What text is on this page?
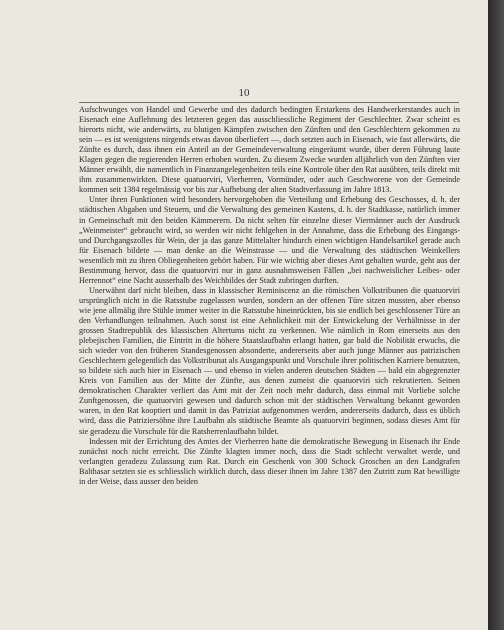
10

Aufschwunges von Handel und Gewerbe und des dadurch bedingten Erstarkens des Handwerkerstandes auch in Eisenach eine Auflehnung des letzteren gegen das ausschliessliche Regiment der Geschlechter. Zwar scheint es hierorts nicht, wie anderwärts, zu blutigen Kämpfen zwischen den Zünften und den Geschlechtern gekommen zu sein — es ist wenigstens nirgends etwas davon überliefert —, doch setzten auch in Eisenach, wie fast allerwärts, die Zünfte es durch, dass ihnen ein Anteil an der Gemeindeverwaltung eingeräumt wurde, über deren Führung laute Klagen gegen die regierenden Herren erhoben wurden. Zu diesem Zwecke wurden alljährlich von den Zünften vier Männer erwählt, die namentlich in Finanzangelegenheiten teils eine Kontrole über den Rat ausübten, teils direkt mit ihm zusammenwirkten. Diese quatuorviri, Vierherren, Vormünder, oder auch Geschworene von der Gemeinde kommen seit 1384 regelmässig vor bis zur Aufhebung der alten Stadtverfassung im Jahre 1813.

Unter ihren Funktionen wird besonders hervorgehoben die Verteilung und Erhebung des Geschosses, d. h. der städtischen Abgaben und Steuern, und die Verwaltung des gemeinen Kastens, d. h. der Stadtkasse, natürlich immer in Gemeinschaft mit den beiden Kämmerern. Da nicht selten für einzelne dieser Viermänner auch der Ausdruck „Weinmeister“ gebraucht wird, so werden wir nicht fehlgehen in der Annahme, dass die Erhebung des Eingangs- und Durchgangszolles für Wein, der ja das ganze Mittelalter hindurch einen wichtigen Handelsartikel gerade auch für Eisenach bildete — man denke an die Weinstrasse — und die Verwaltung des städtischen Weinkellers wesentlich mit zu ihren Obliegenheiten gehört haben. Für wie wichtig aber dieses Amt gehalten wurde, geht aus der Bestimmung hervor, dass die quatuorviri nur in ganz ausnahmsweisen Fällen „bei nachweislicher Leibes- oder Herrennot“ eine Nacht ausserhalb des Weichbildes der Stadt zubringen durften.

Unerwähnt darf nicht bleiben, dass in klassischer Reminiscenz an die römischen Volkstribunen die quatuorviri ursprünglich nicht in die Ratsstube zugelassen wurden, sondern an der offenen Türe sitzen mussten, aber ebenso wie jene allmälig ihre Stühle immer weiter in die Ratsstube hineinrückten, bis sie endlich bei geschlossener Türe an den Verhandlungen teilnahmen. Auch sonst ist eine Aehnlichkeit mit der Entwickelung der Verhältnisse in der grossen Stadtrepublik des klassischen Altertums nicht zu verkennen. Wie nämlich in Rom einerseits aus den plebejischen Familien, die Eintritt in die höhere Staatslaufbahn erlangt hatten, gar bald die Nobilität erwuchs, die sich wieder von den früheren Standesgenossen absonderte, andererseits aber auch junge Männer aus patrizischen Geschlechtern gelegentlich das Volkstribunat als Ausgangspunkt und Vorschule ihrer politischen Karriere benutzten, so bildete sich auch hier in Eisenach — und ebenso in vielen anderen deutschen Städten — bald ein abgegrenzter Kreis von Familien aus der Mitte der Zünfte, aus denen zumeist die quatuorviri sich rekrutierten. Seinen demokratischen Charakter verliert das Amt mit der Zeit noch mehr dadurch, dass einmal mit Vorliebe solche Zunftgenossen, die quatuorviri gewesen und dadurch schon mit der städtischen Verwaltung bekannt geworden waren, in den Rat kooptiert und damit in das Patriziat aufgenommen werden, andererseits dadurch, dass es üblich wird, dass die Patriziersöhne ihre Laufbahn als städtische Beamte als quatuorviri beginnen, sodass dieses Amt für sie geradezu die Vorschule für die Ratsherrenlaufbahn bildet.

Indessen mit der Errichtung des Amtes der Vierherren hatte die demokratische Bewegung in Eisenach ihr Ende zunächst noch nicht erreicht. Die Zünfte klagten immer noch, dass die Stadt schlecht verwaltet werde, und verlangten geradezu Zulassung zum Rat. Durch ein Geschenk von 300 Schock Groschen an den Landgrafen Balthasar setzten sie es schliesslich wirklich durch, dass dieser ihnen im Jahre 1387 den Zutritt zum Rat bewilligte in der Weise, dass ausser den beiden
